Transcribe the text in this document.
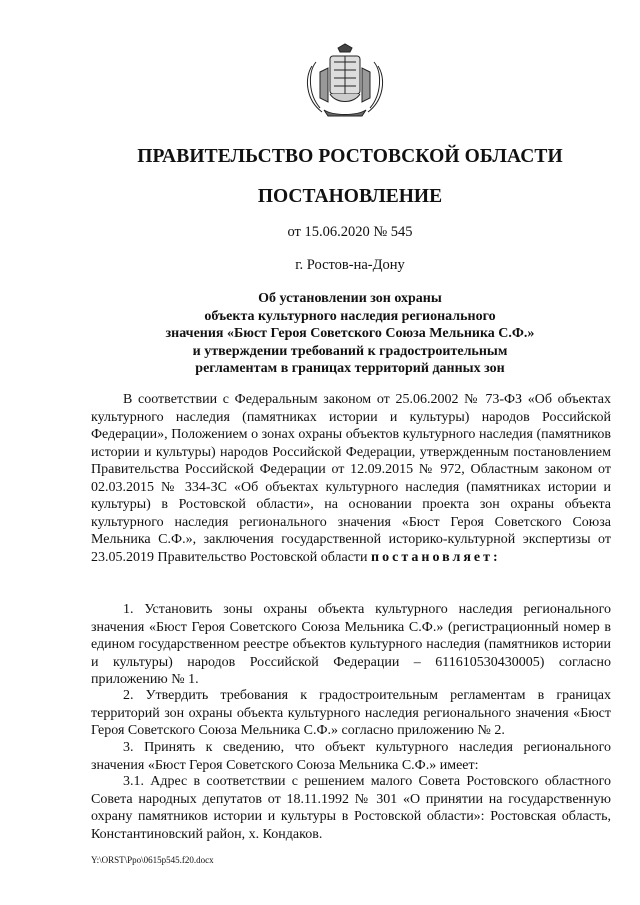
ПРАВИТЕЛЬСТВО РОСТОВСКОЙ ОБЛАСТИ
ПОСТАНОВЛЕНИЕ
от 15.06.2020 № 545
г. Ростов-на-Дону
Об установлении зон охраны
объекта культурного наследия регионального
значения «Бюст Героя Советского Союза Мельника С.Ф.»
и утверждении требований к градостроительным
регламентам в границах территорий данных зон

В соответствии с Федеральным законом от 25.06.2002 № 73-ФЗ «Об объектах культурного наследия (памятниках истории и культуры) народов Российской Федерации», Положением о зонах охраны объектов культурного наследия (памятников истории и культуры) народов Российской Федерации, утвержденным постановлением Правительства Российской Федерации от 12.09.2015 № 972, Областным законом от 02.03.2015 № 334-ЗС «Об объектах культурного наследия (памятниках истории и культуры) в Ростовской области», на основании проекта зон охраны объекта культурного наследия регионального значения «Бюст Героя Советского Союза Мельника С.Ф.», заключения государственной историко-культурной экспертизы от 23.05.2019 Правительство Ростовской области постановляет:

1. Установить зоны охраны объекта культурного наследия регионального значения «Бюст Героя Советского Союза Мельника С.Ф.» (регистрационный номер в едином государственном реестре объектов культурного наследия (памятников истории и культуры) народов Российской Федерации – 611610530430005) согласно приложению № 1.

2. Утвердить требования к градостроительным регламентам в границах территорий зон охраны объекта культурного наследия регионального значения «Бюст Героя Советского Союза Мельника С.Ф.» согласно приложению № 2.

3. Принять к сведению, что объект культурного наследия регионального значения «Бюст Героя Советского Союза Мельника С.Ф.» имеет:

3.1. Адрес в соответствии с решением малого Совета Ростовского областного Совета народных депутатов от 18.11.1992 № 301 «О принятии на государственную охрану памятников истории и культуры в Ростовской области»: Ростовская область, Константиновский район, х. Кондаков.

Y:\ORST\Ppo\0615p545.f20.docx
